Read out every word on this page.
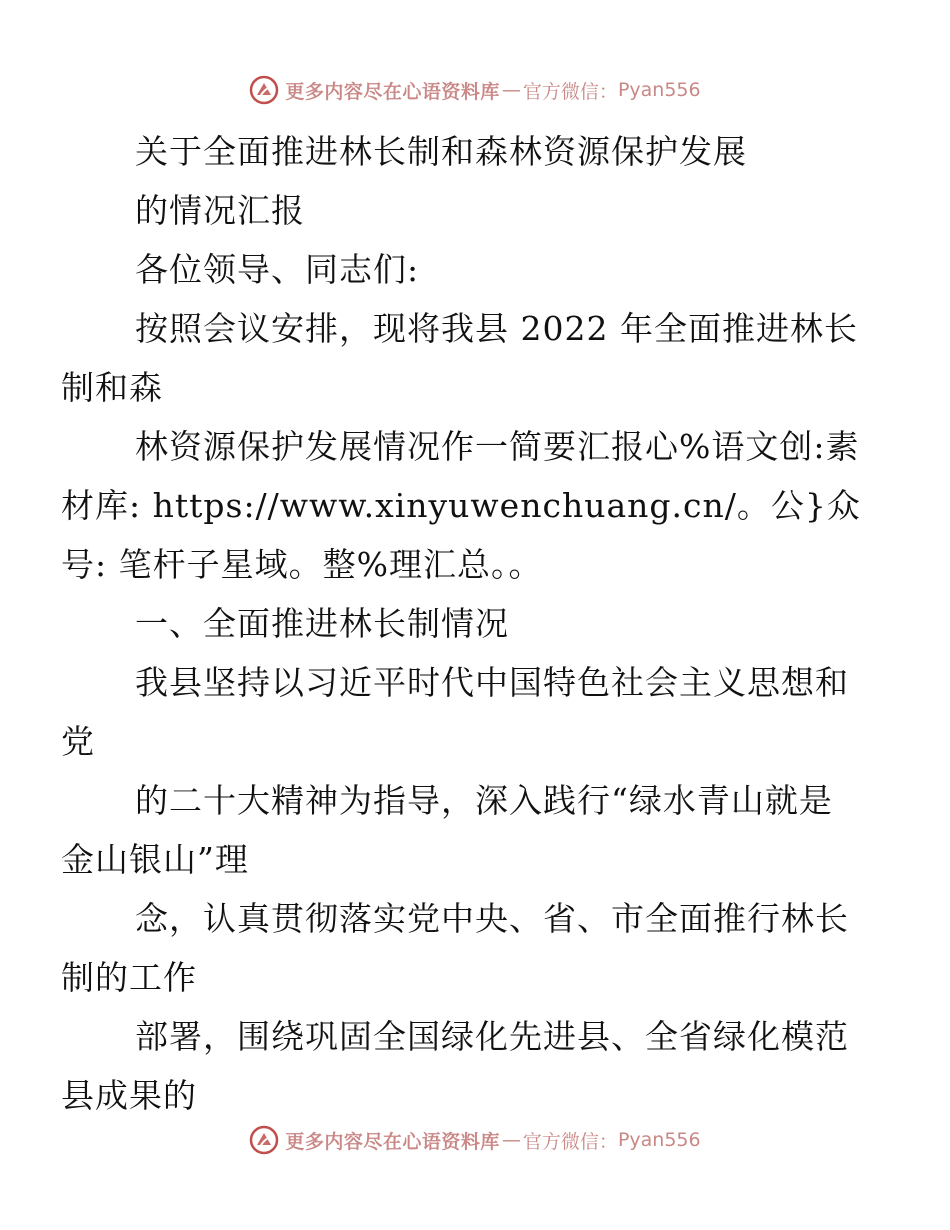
更多内容尽在心语资料库 — 官方微信： Pyan556

关于全面推进林长制和森林资源保护发展

的情况汇报

各位领导、同志们:

按照会议安排，现将我县 2022 年全面推进林长
制和森

林资源保护发展情况作一简要汇报心%语文创:素
材库: https://www.xinyuwenchuang.cn/。公}众
号: 笔杆子星域。整%理汇总。。

一、全面推进林长制情况

我县坚持以习近平时代中国特色社会主义思想和
党

的二十大精神为指导，深入践行“绿水青山就是
金山银山”理

念，认真贯彻落实党中央、省、市全面推行林长
制的工作

部署，围绕巩固全国绿化先进县、全省绿化模范
县成果的

更多内容尽在心语资料库 — 官方微信： Pyan556
